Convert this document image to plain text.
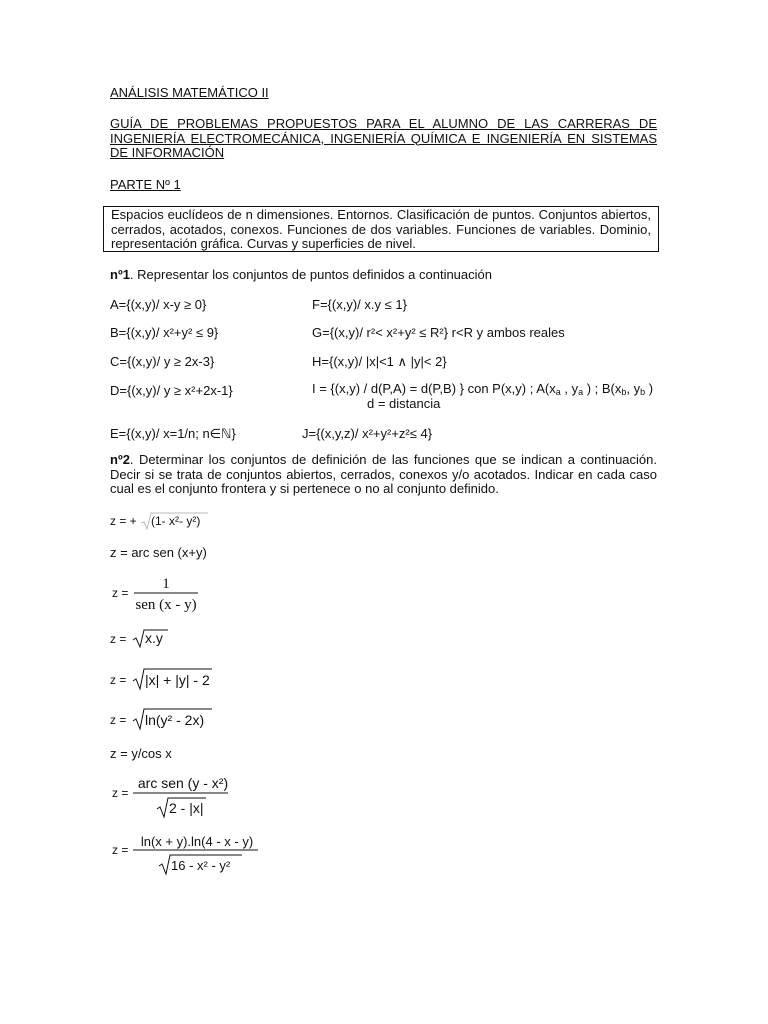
ANÁLISIS MATEMÁTICO II
GUÍA DE PROBLEMAS PROPUESTOS PARA EL ALUMNO DE LAS CARRERAS DE INGENIERÍA ELECTROMECÁNICA, INGENIERÍA QUÍMICA E INGENIERÍA EN SISTEMAS DE INFORMACIÓN
PARTE Nº 1
Espacios euclídeos de n dimensiones. Entornos. Clasificación de puntos. Conjuntos abiertos, cerrados, acotados, conexos. Funciones de dos variables. Funciones de variables. Dominio, representación gráfica. Curvas y superficies de nivel.
nº1. Representar los conjuntos de puntos definidos a continuación
A={(x,y)/ x-y ≥ 0}	F={(x,y)/ x.y ≤ 1}
B={(x,y)/ x²+y² ≤ 9}	G={(x,y)/ r²< x²+y² ≤ R²} r<R y ambos reales
C={(x,y)/ y ≥ 2x-3}	H={(x,y)/ |x|<1 ∧ |y|< 2}
D={(x,y)/ y ≥ x²+2x-1}	I = {(x,y) / d(P,A) = d(P,B) } con P(x,y) ; $A(x_a$ , $y_a$ ) ; $B(x_b$, $y_b$ )
d = distancia
E={(x,y)/ x=1/n; n∈ℕ}	J={(x,y,z)/ x²+y²+z²≤ 4}
nº2. Determinar los conjuntos de definición de las funciones que se indican a continuación. Decir si se trata de conjuntos abiertos, cerrados, conexos y/o acotados. Indicar en cada caso cual es el conjunto frontera y si pertenece o no al conjunto definido.
z = + (1- x²- y²)
z = arc sen (x+y)
z =
1
sen (x - y)
z = x.y
z = |x| + |y| - 2
z = ln(y² - 2x)
z = y/cos x
z =
arc sen (y - x²)
2 - |x|
z =
ln(x + y).ln(4 - x - y)
16 - x² - y²
